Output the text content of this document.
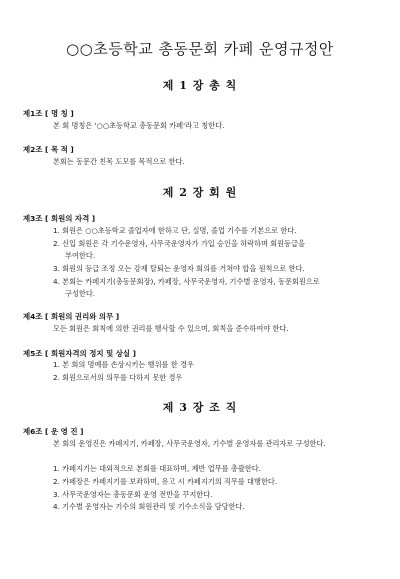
○○초등학교 총동문회 카페 운영규정안
제 1 장 총 칙
제1조 [ 명 칭 ]
본 회 명칭은 '○○초등학교 총동문회 카페'라고 칭한다.
제2조 [ 목 적 ]
본회는 동문간 친목 도모를 목적으로 한다.
제 2 장 회 원
제3조 [ 회원의 자격 ]
1. 회원은 ○○초등학교 졸업자에 한하고 단, 실명, 졸업 기수를 기본으로 한다.
2. 신입 회원은 각 기수운영자, 사무국운영자가 가입 승인을 허락하며 회원등급을
부여한다.
3. 회원의 등급 조정 오는 강제 탈퇴는 운영자 회의를 거쳐야 합을 원칙으로 한다.
4. 본회는 카페지기(총동문회장), 카페장, 사무국운영자, 기수별 운영자, 동문회원으로
구성한다.
제4조 [ 회원의 권리와 의무 ]
모든 회원은 회칙에 의한 권리를 행사할 수 있으며, 회칙을 준수하여야 한다.
제5조 [ 회원자격의 정지 및 상실 ]
1. 본 회의 명예를 손상시키는 행위를 한 경우
2. 회원으로서의 의무를 다하지 못한 경우
제 3 장 조 직
제6조 [ 운 영 진 ]
본 회의 운영진은 카페지기, 카페장, 사무국운영자, 기수별 운영자를 관리자로 구성한다.
1. 카페지기는 대외적으로 본회를 대표하며, 제반 업무를 총괄한다.
2. 카페장은 카페지기를 보좌하며, 유고 시 카페지기의 직무를 대행한다.
3. 사무국운영자는 총동문회 운영 전반을 꾸지한다.
4. 기수별 운영자는 기수의 회원관리 및 기수소식을 담당한다.
